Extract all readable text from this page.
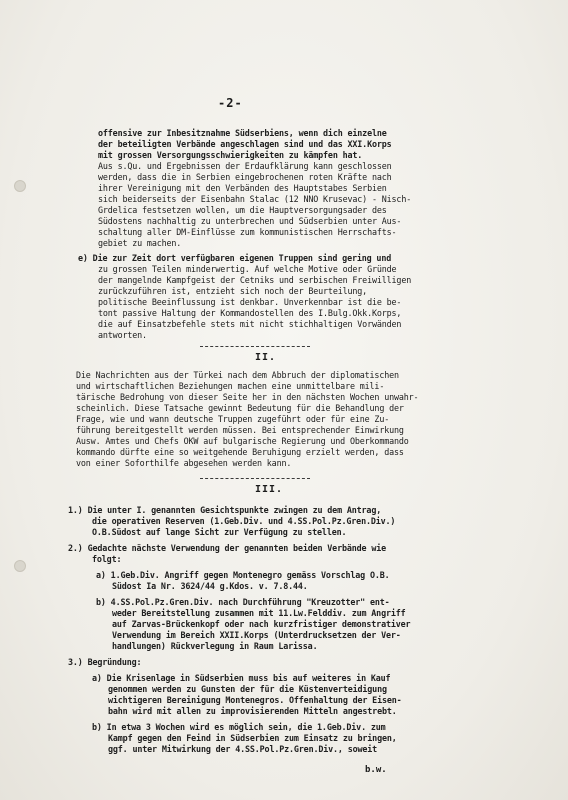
-2-
offensive zur Inbesitznahme Südserbiens, wenn dich einzelne
der beteiligten Verbände angeschlagen sind und das XXI.Korps
mit grossen Versorgungsschwierigkeiten zu kämpfen hat.
Aus s.Qu. und Ergebnissen der Erdaufklärung kann geschlossen
werden, dass die in Serbien eingebrochenen roten Kräfte nach
ihrer Vereinigung mit den Verbänden des Hauptstabes Serbien
sich beiderseits der Eisenbahn Stalac (12 NNO Krusevac) - Nisch-
Grdelica festsetzen wollen, um die Hauptversorgungsader des
Südostens nachhaltig zu unterbrechen und Südserbien unter Aus-
schaltung aller DM-Einflüsse zum kommunistischen Herrschafts-
gebiet zu machen.
e) Die zur Zeit dort verfügbaren eigenen Truppen sind gering und
zu grossen Teilen minderwertig. Auf welche Motive oder Gründe
der mangelnde Kampfgeist der Cetniks und serbischen Freiwilligen
zurückzuführen ist, entzieht sich noch der Beurteilung,
politische Beeinflussung ist denkbar. Unverkennbar ist die be-
tont passive Haltung der Kommandostellen des I.Bulg.Okk.Korps,
die auf Einsatzbefehle stets mit nicht stichhaltigen Vorwänden
antworten.
II.
Die Nachrichten aus der Türkei nach dem Abbruch der diplomatischen
und wirtschaftlichen Beziehungen machen eine unmittelbare mili-
tärische Bedrohung von dieser Seite her in den nächsten Wochen unwahr-
scheinlich. Diese Tatsache gewinnt Bedeutung für die Behandlung der
Frage, wie und wann deutsche Truppen zugeführt oder für eine Zu-
führung bereitgestellt werden müssen. Bei entsprechender Einwirkung
Ausw. Amtes und Chefs OKW auf bulgarische Regierung und Oberkommando
kommando dürfte eine so weitgehende Beruhigung erzielt werden, dass
von einer Soforthilfe abgesehen werden kann.
III.
1.) Die unter I. genannten Gesichtspunkte zwingen zu dem Antrag,
die operativen Reserven (1.Geb.Div. und 4.SS.Pol.Pz.Gren.Div.)
O.B.Südost auf lange Sicht zur Verfügung zu stellen.
2.) Gedachte nächste Verwendung der genannten beiden Verbände wie
folgt:
a) 1.Geb.Div. Angriff gegen Montenegro gemäss Vorschlag O.B.
Südost Ia Nr. 3624/44 g.Kdos. v. 7.8.44.
b) 4.SS.Pol.Pz.Gren.Div. nach Durchführung "Kreuzotter" ent-
weder Bereitstellung zusammen mit 11.Lw.Felddiv. zum Angriff
auf Zarvas-Brückenkopf oder nach kurzfristiger demonstrativer
Verwendung im Bereich XXII.Korps (Unterdrucksetzen der Ver-
handlungen) Rückverlegung in Raum Larissa.
3.) Begründung:
a) Die Krisenlage in Südserbien muss bis auf weiteres in Kauf
genommen werden zu Gunsten der für die Küstenverteidigung
wichtigeren Bereinigung Montenegros. Offenhaltung der Eisen-
bahn wird mit allen zu improvisierenden Mitteln angestrebt.
b) In etwa 3 Wochen wird es möglich sein, die 1.Geb.Div. zum
Kampf gegen den Feind in Südserbien zum Einsatz zu bringen,
ggf. unter Mitwirkung der 4.SS.Pol.Pz.Gren.Div., soweit
b.w.
